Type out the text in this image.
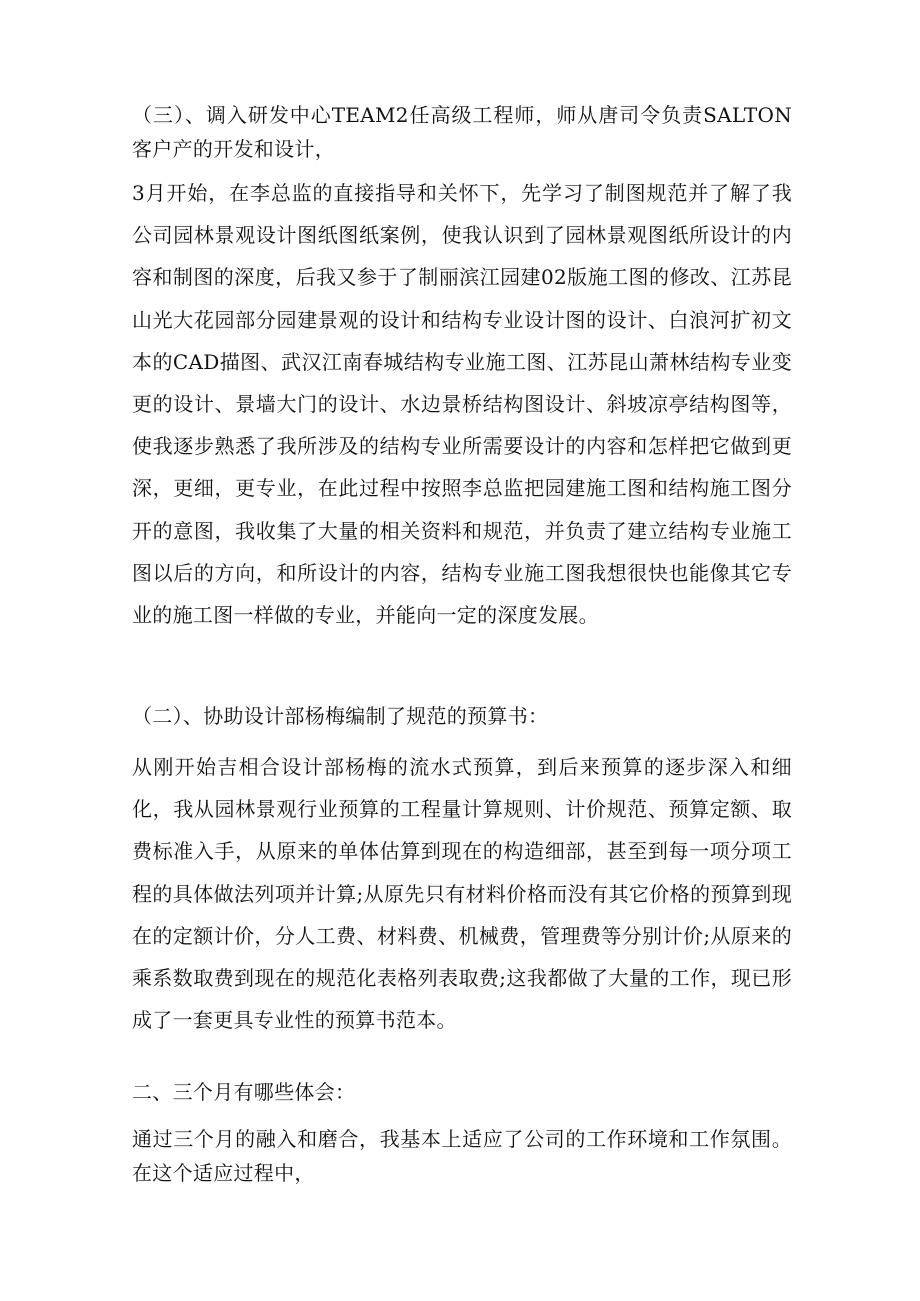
（三）、调入研发中心TEAM2任高级工程师，师从唐司令负责SALTON客户产的开发和设计，

3月开始，在李总监的直接指导和关怀下，先学习了制图规范并了解了我公司园林景观设计图纸图纸案例，使我认识到了园林景观图纸所设计的内容和制图的深度，后我又参于了制丽滨江园建02版施工图的修改、江苏昆山光大花园部分园建景观的设计和结构专业设计图的设计、白浪河扩初文本的CAD描图、武汉江南春城结构专业施工图、江苏昆山萧林结构专业变更的设计、景墙大门的设计、水边景桥结构图设计、斜坡凉亭结构图等，使我逐步熟悉了我所涉及的结构专业所需要设计的内容和怎样把它做到更深，更细，更专业，在此过程中按照李总监把园建施工图和结构施工图分开的意图，我收集了大量的相关资料和规范，并负责了建立结构专业施工图以后的方向，和所设计的内容，结构专业施工图我想很快也能像其它专业的施工图一样做的专业，并能向一定的深度发展。

（二）、协助设计部杨梅编制了规范的预算书：

从刚开始吉相合设计部杨梅的流水式预算，到后来预算的逐步深入和细化，我从园林景观行业预算的工程量计算规则、计价规范、预算定额、取费标准入手，从原来的单体估算到现在的构造细部，甚至到每一项分项工程的具体做法列项并计算;从原先只有材料价格而没有其它价格的预算到现在的定额计价，分人工费、材料费、机械费，管理费等分别计价;从原来的乘系数取费到现在的规范化表格列表取费;这我都做了大量的工作，现已形成了一套更具专业性的预算书范本。

二、三个月有哪些体会：

通过三个月的融入和磨合，我基本上适应了公司的工作环境和工作氛围。在这个适应过程中，
